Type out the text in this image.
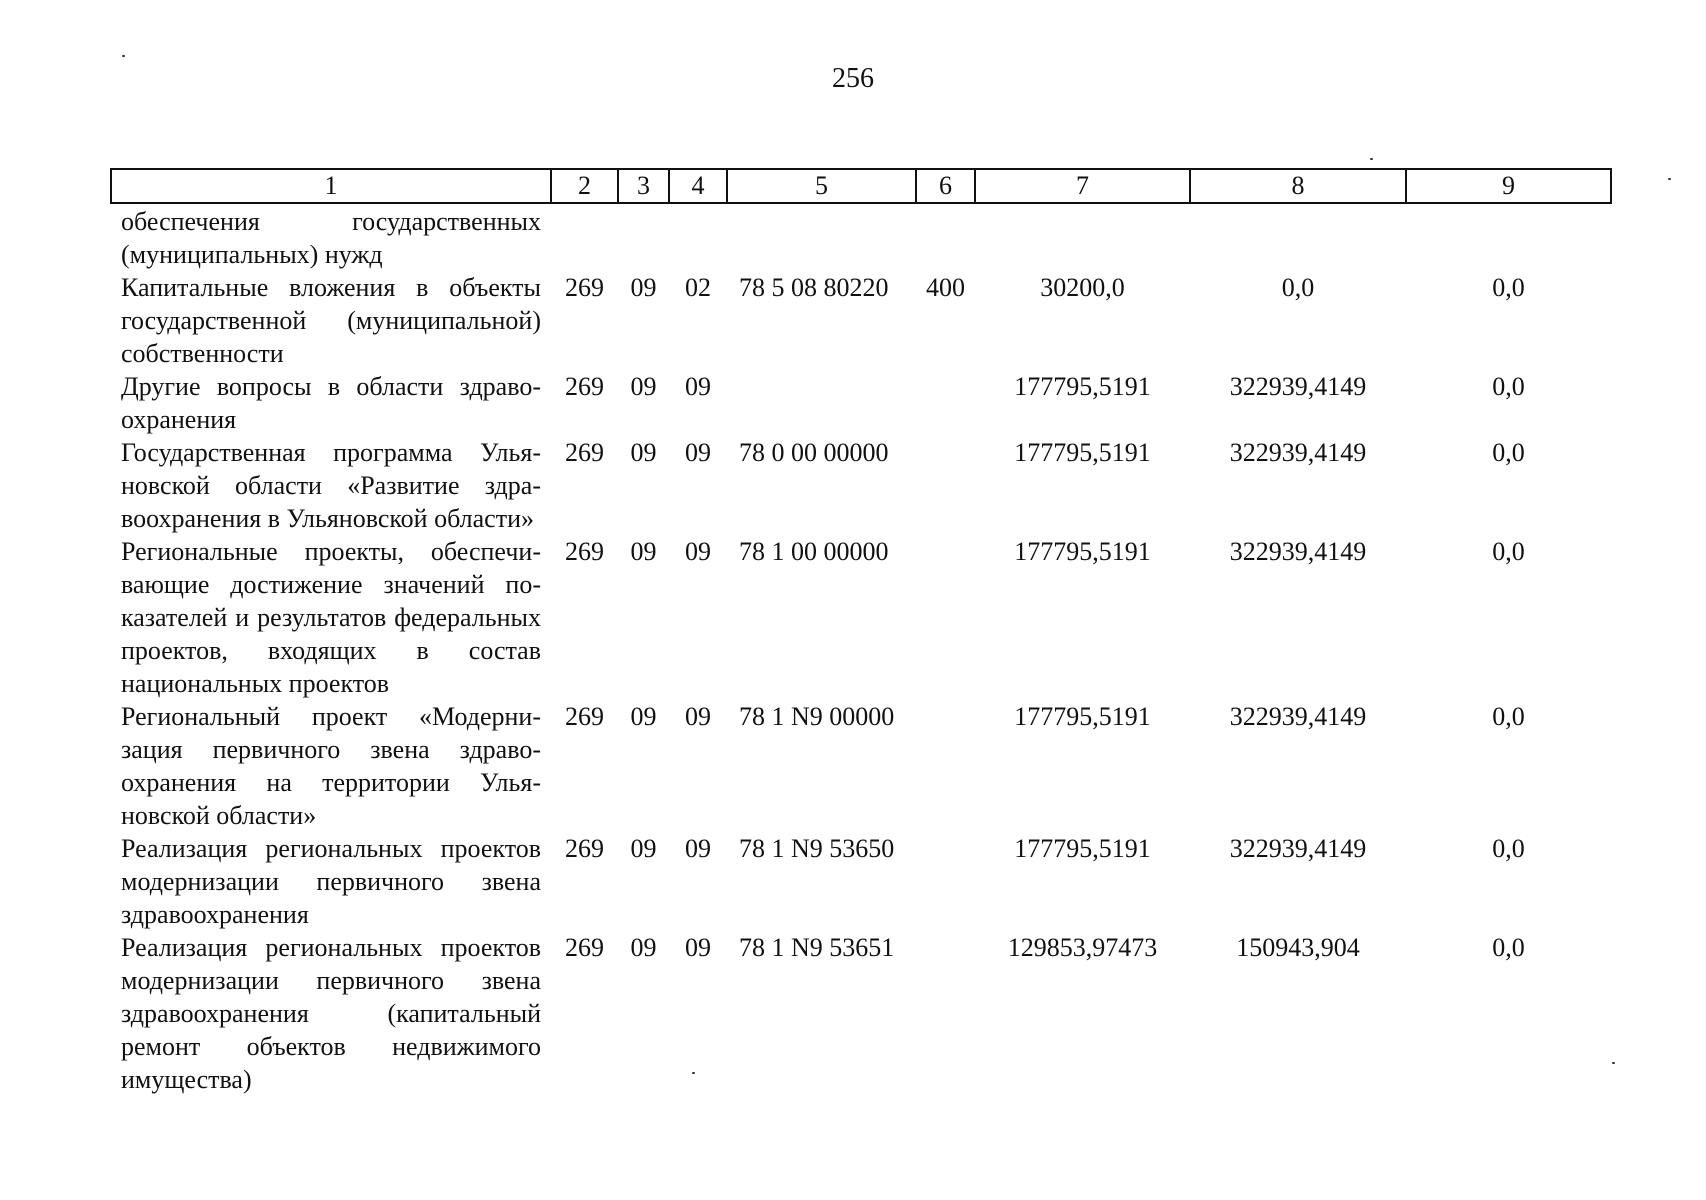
256
1	2	3	4	5	6	7	8	9
обеспечения государственных (муниципальных) нужд								
Капитальные вложения в объекты государственной (муниципальной) собственности	269	09	02	78 5 08 80220	400	30200,0	0,0	0,0
Другие вопросы в области здравоохранения	269	09	09			177795,5191	322939,4149	0,0
Государственная программа Ульяновской области «Развитие здравоохранения в Ульяновской области»	269	09	09	78 0 00 00000		177795,5191	322939,4149	0,0
Региональные проекты, обеспечивающие достижение значений показателей и результатов федеральных проектов, входящих в состав национальных проектов	269	09	09	78 1 00 00000		177795,5191	322939,4149	0,0
Региональный проект «Модернизация первичного звена здравоохранения на территории Ульяновской области»	269	09	09	78 1 N9 00000		177795,5191	322939,4149	0,0
Реализация региональных проектов модернизации первичного звена здравоохранения	269	09	09	78 1 N9 53650		177795,5191	322939,4149	0,0
Реализация региональных проектов модернизации первичного звена здравоохранения (капитальный ремонт объектов недвижимого имущества)	269	09	09	78 1 N9 53651		129853,97473	150943,904	0,0
